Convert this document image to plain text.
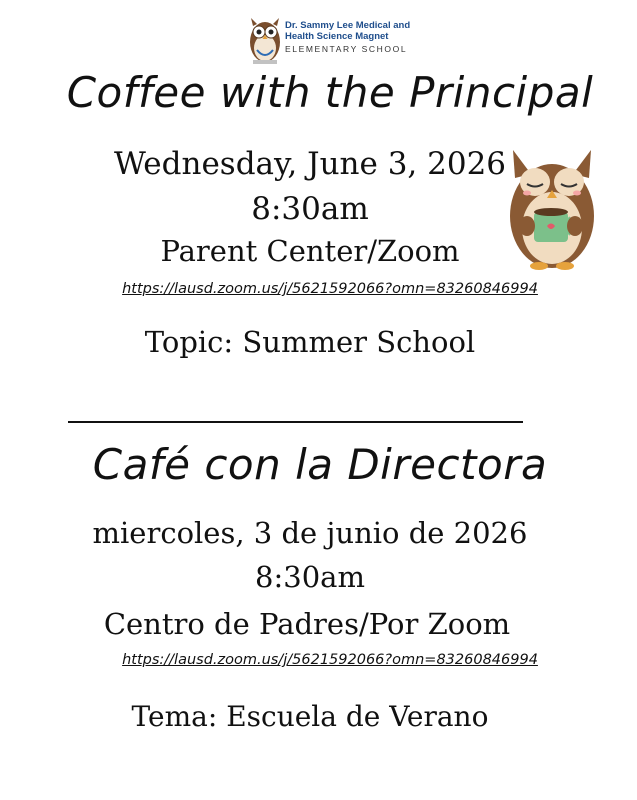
Dr. Sammy Lee Medical and
Health Science Magnet
ELEMENTARY SCHOOL
Coffee with the Principal
Wednesday, June 3, 2026
8:30am
Parent Center/Zoom
https://lausd.zoom.us/j/5621592066?omn=83260846994
Topic: Summer School
Café con la Directora
miercoles, 3 de junio de 2026
8:30am
Centro de Padres/Por Zoom
https://lausd.zoom.us/j/5621592066?omn=83260846994
Tema: Escuela de Verano
